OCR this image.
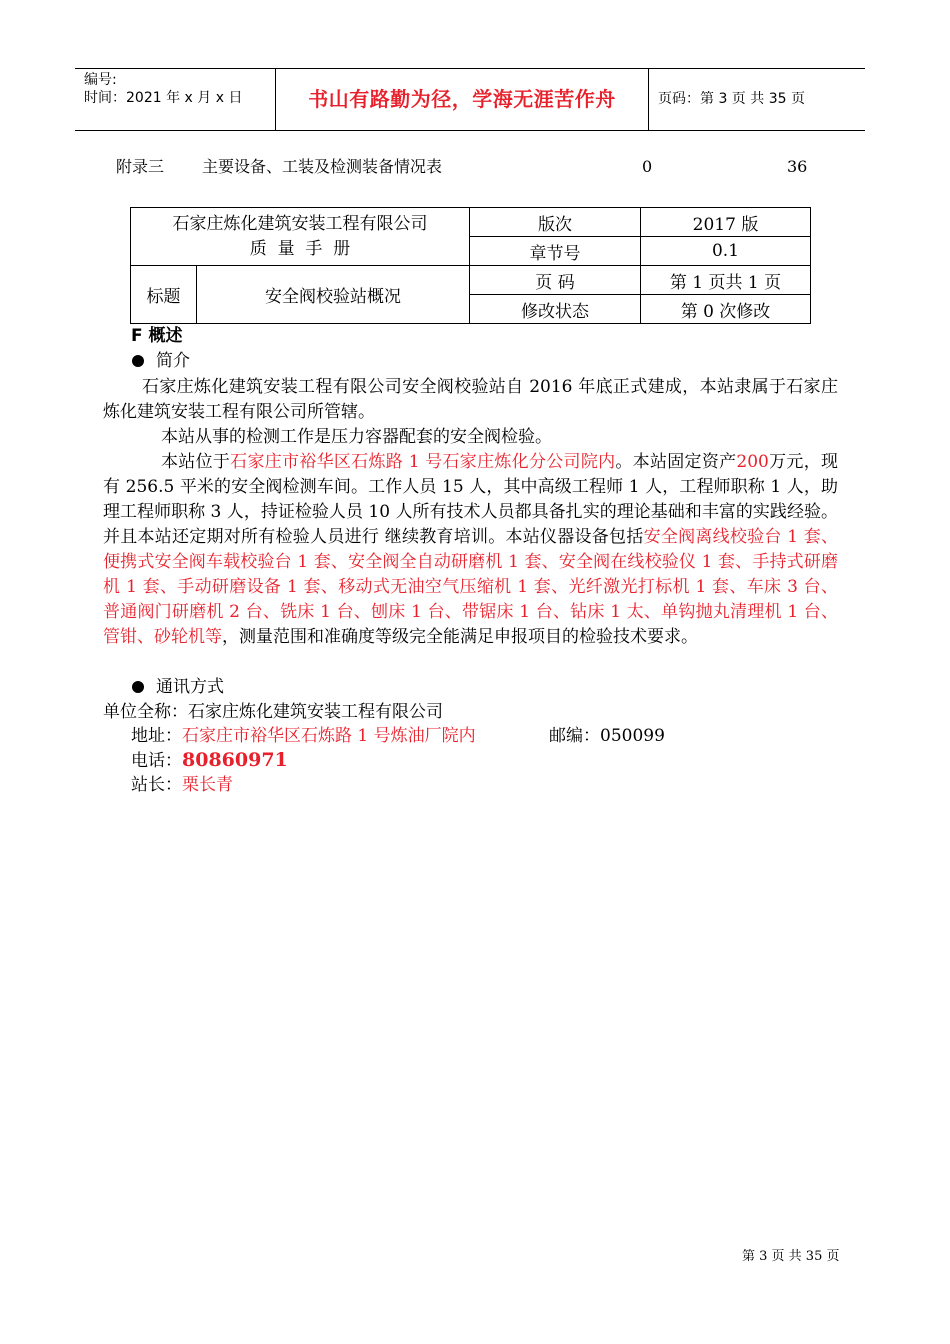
编号:
时间：2021 年 x 月 x 日	书山有路勤为径，学海无涯苦作舟	页码：第 3 页 共 35 页
附录三 主要设备、工装及检测装备情况表	0	36
石家庄炼化建筑安装工程有限公司
质  量  手  册		版次	2017 版
		章节号	0.1
标题	安全阀校验站概况	页 码	第 1 页共 1 页
		修改状态	第 0 次修改
F 概述
简介
石家庄炼化建筑安装工程有限公司安全阀校验站自 2016 年底正式建成，本站隶属于石家庄炼化建筑安装工程有限公司所管辖。
本站从事的检测工作是压力容器配套的安全阀检验。
本站位于石家庄市裕华区石炼路 1 号石家庄炼化分公司院内。本站固定资产200万元，现有 256.5 平米的安全阀检测车间。工作人员 15 人，其中高级工程师 1 人，工程师职称 1 人，助理工程师职称 3 人，持证检验人员 10 人所有技术人员都具备扎实的理论基础和丰富的实践经验。并且本站还定期对所有检验人员进行 继续教育培训。本站仪器设备包括安全阀离线校验台 1 套、便携式安全阀车载校验台 1 套、安全阀全自动研磨机 1 套、安全阀在线校验仪 1 套、手持式研磨机 1 套、手动研磨设备 1 套、移动式无油空气压缩机 1 套、光纤激光打标机 1 套、车床 3 台、普通阀门研磨机 2 台、铣床 1 台、刨床 1 台、带锯床 1 台、钻床 1 太、单钩抛丸清理机 1 台、管钳、砂轮机等，测量范围和准确度等级完全能满足申报项目的检验技术要求。
通讯方式
单位全称：石家庄炼化建筑安装工程有限公司
地址：石家庄市裕华区石炼路 1 号炼油厂院内	邮编：050099
电话：80860971
站长：栗长青
第 3 页 共 35 页
